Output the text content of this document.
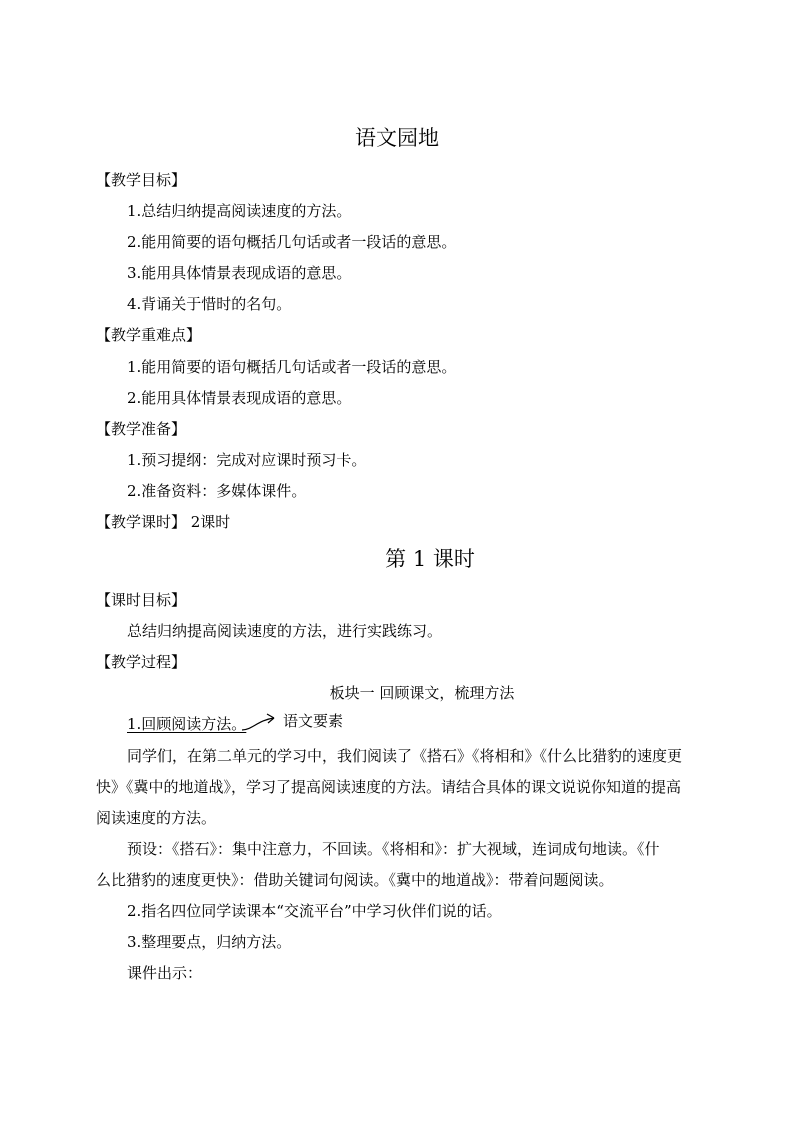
语文园地
【教学目标】
1.总结归纳提高阅读速度的方法。
2.能用简要的语句概括几句话或者一段话的意思。
3.能用具体情景表现成语的意思。
4.背诵关于惜时的名句。
【教学重难点】
1.能用简要的语句概括几句话或者一段话的意思。
2.能用具体情景表现成语的意思。
【教学准备】
1.预习提纲：完成对应课时预习卡。
2.准备资料：多媒体课件。
【教学课时】 2课时
第 1 课时
【课时目标】
总结归纳提高阅读速度的方法，进行实践练习。
【教学过程】
板块一 回顾课文，梳理方法
1.回顾阅读方法。 语文要素
同学们，在第二单元的学习中，我们阅读了《搭石》《将相和》《什么比猎豹的速度更
快》《冀中的地道战》，学习了提高阅读速度的方法。请结合具体的课文说说你知道的提高
阅读速度的方法。
预设：《搭石》：集中注意力，不回读。《将相和》：扩大视域，连词成句地读。《什
么比猎豹的速度更快》：借助关键词句阅读。《冀中的地道战》：带着问题阅读。
2.指名四位同学读课本“交流平台”中学习伙伴们说的话。
3.整理要点，归纳方法。
课件出示：
